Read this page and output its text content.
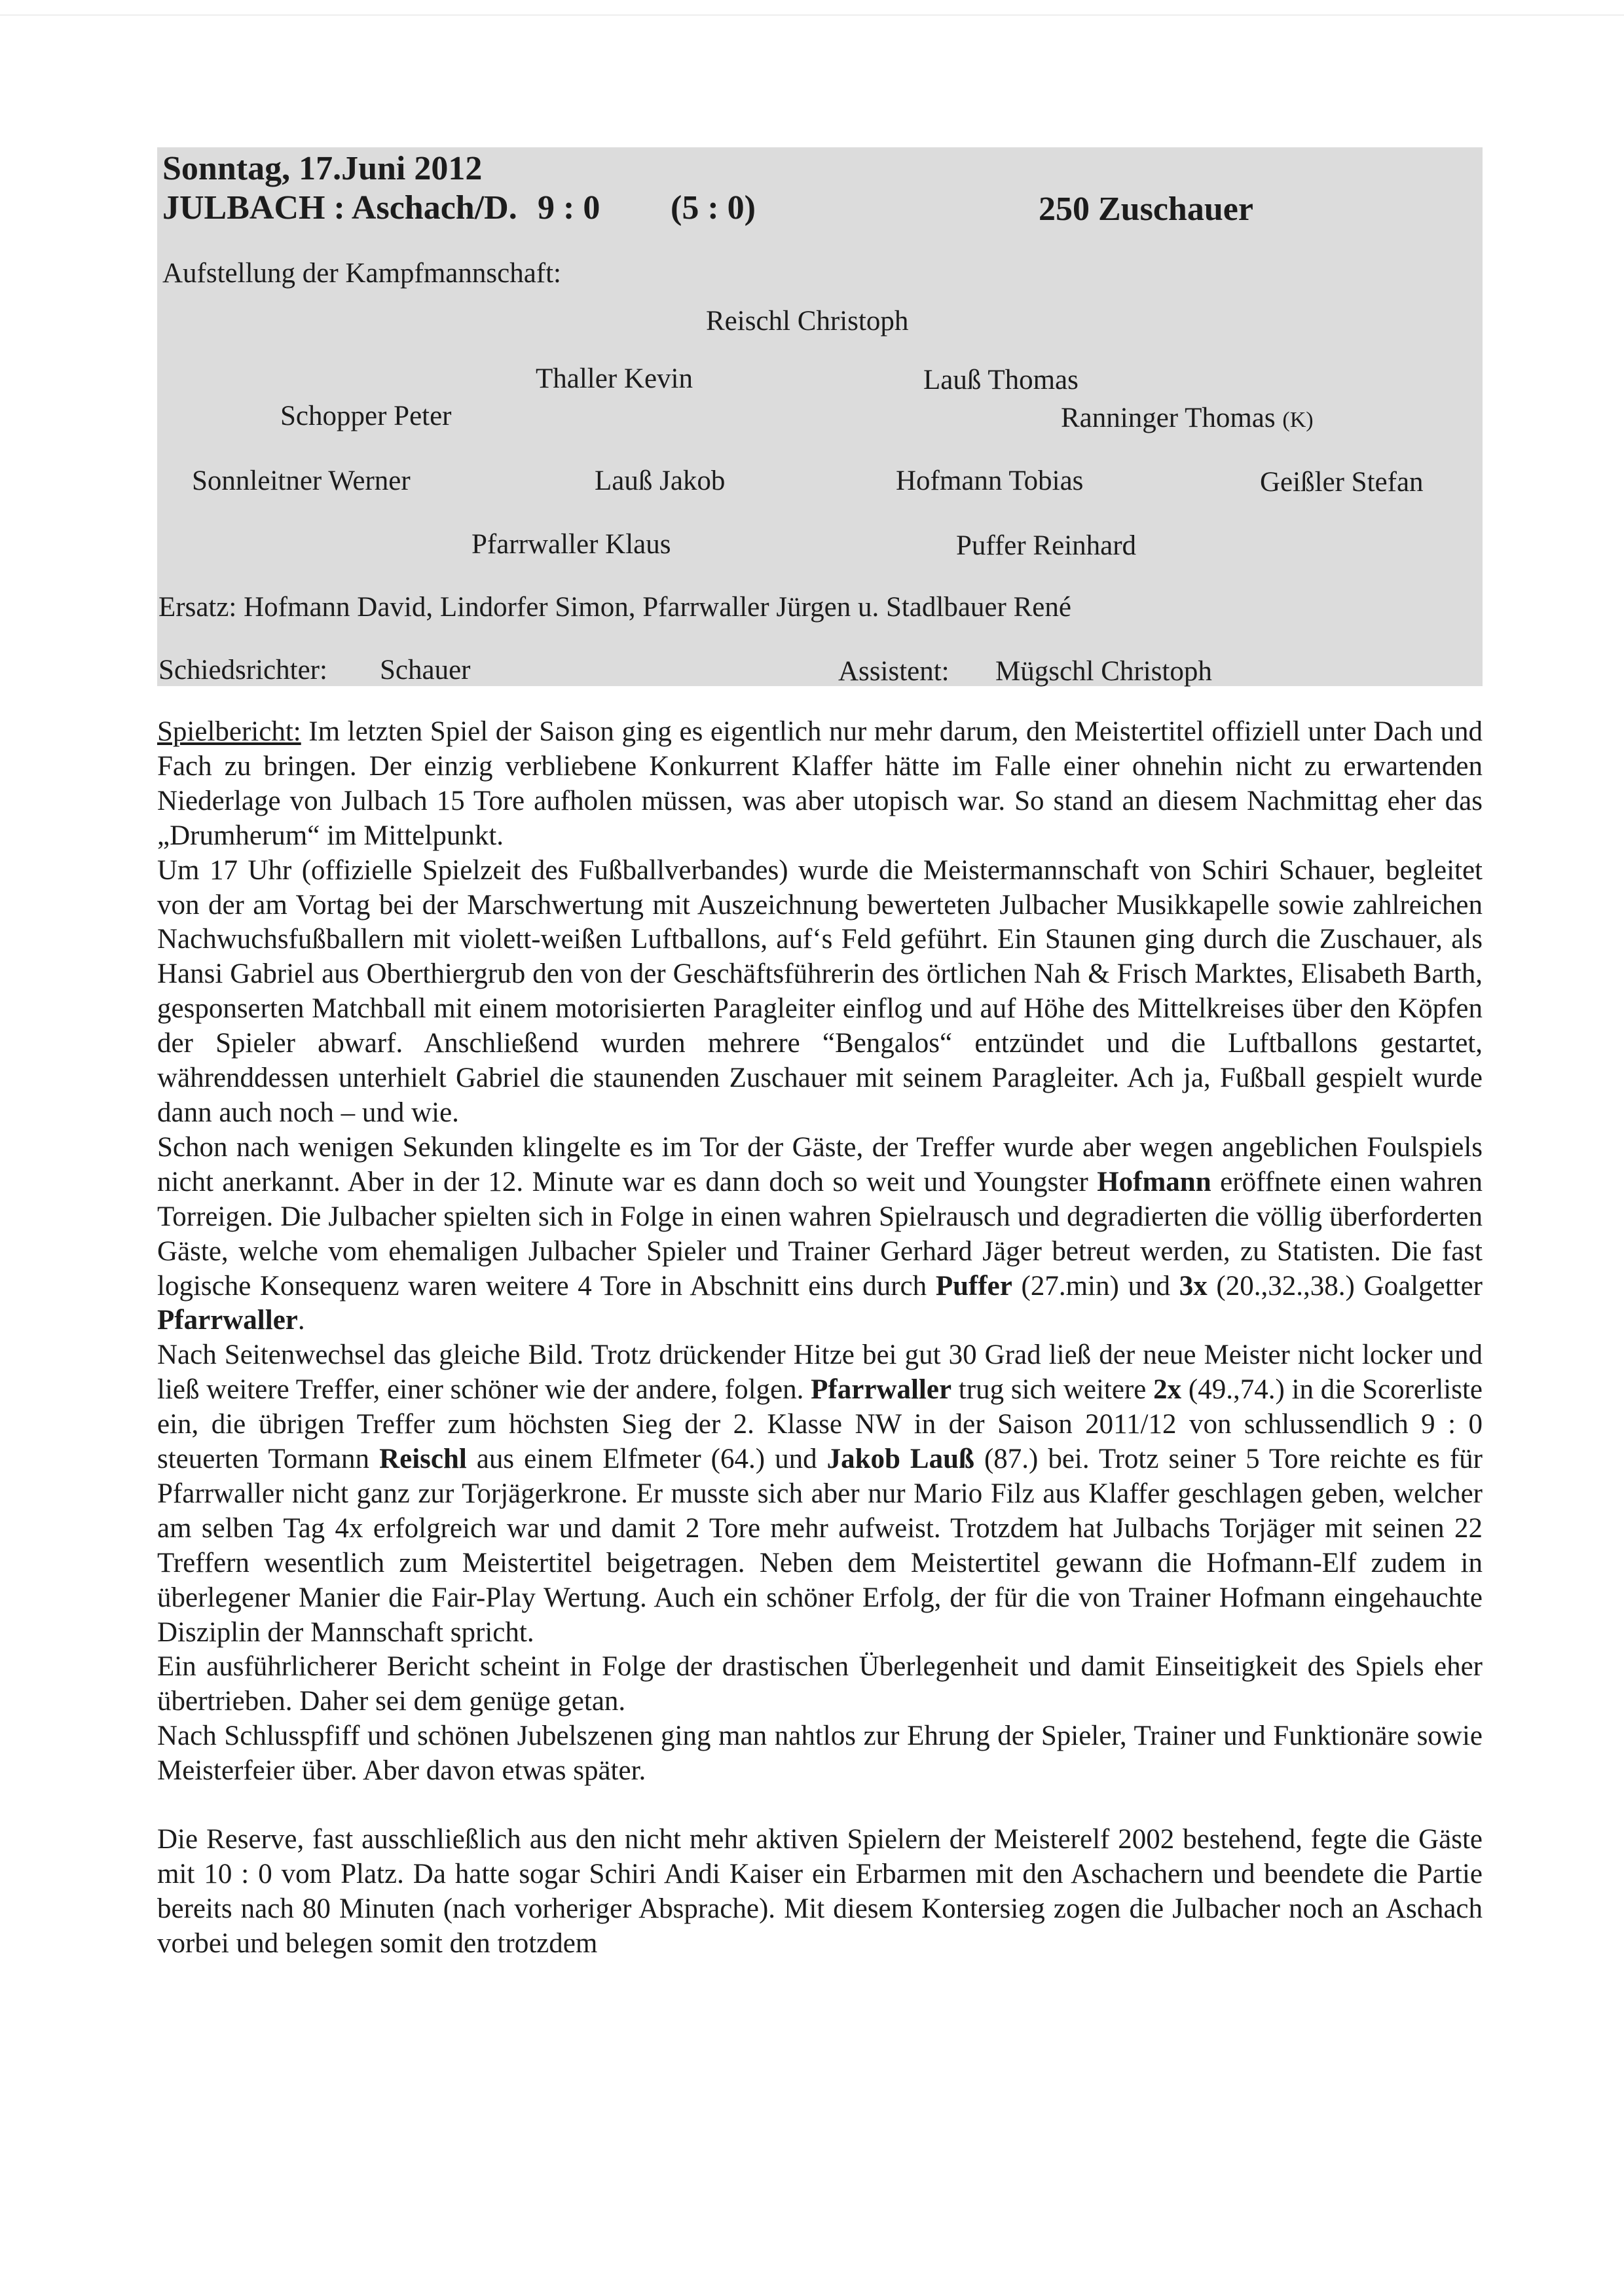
Sonntag, 17.Juni 2012
JULBACH : Aschach/D. 9 : 0 (5 : 0)	250 Zuschauer
Aufstellung der Kampfmannschaft:
Reischl Christoph
Thaller Kevin	Lauß Thomas
Schopper Peter	Ranninger Thomas (K)
Sonnleitner Werner	Lauß Jakob	Hofmann Tobias	Geißler Stefan
Pfarrwaller Klaus	Puffer Reinhard
Ersatz: Hofmann David, Lindorfer Simon, Pfarrwaller Jürgen u. Stadlbauer René
Schiedsrichter: Schauer	Assistent: Mügschl Christoph

Spielbericht: Im letzten Spiel der Saison ging es eigentlich nur mehr darum, den Meistertitel offiziell unter Dach und Fach zu bringen. Der einzig verbliebene Konkurrent Klaffer hätte im Falle einer ohnehin nicht zu erwartenden Niederlage von Julbach 15 Tore aufholen müssen, was aber utopisch war. So stand an diesem Nachmittag eher das „Drumherum“ im Mittelpunkt.

Um 17 Uhr (offizielle Spielzeit des Fußballverbandes) wurde die Meistermannschaft von Schiri Schauer, begleitet von der am Vortag bei der Marschwertung mit Auszeichnung bewerteten Julbacher Musikkapelle sowie zahlreichen Nachwuchsfußballern mit violett-weißen Luftballons, auf‘s Feld geführt. Ein Staunen ging durch die Zuschauer, als Hansi Gabriel aus Oberthiergrub den von der Geschäftsführerin des örtlichen Nah & Frisch Marktes, Elisabeth Barth, gesponserten Matchball mit einem motorisierten Paragleiter einflog und auf Höhe des Mittelkreises über den Köpfen der Spieler abwarf. Anschließend wurden mehrere “Bengalos“ entzündet und die Luftballons gestartet, währenddessen unterhielt Gabriel die staunenden Zuschauer mit seinem Paragleiter. Ach ja, Fußball gespielt wurde dann auch noch – und wie.

Schon nach wenigen Sekunden klingelte es im Tor der Gäste, der Treffer wurde aber wegen angeblichen Foulspiels nicht anerkannt. Aber in der 12. Minute war es dann doch so weit und Youngster Hofmann eröffnete einen wahren Torreigen. Die Julbacher spielten sich in Folge in einen wahren Spielrausch und degradierten die völlig überforderten Gäste, welche vom ehemaligen Julbacher Spieler und Trainer Gerhard Jäger betreut werden, zu Statisten. Die fast logische Konsequenz waren weitere 4 Tore in Abschnitt eins durch Puffer (27.min) und 3x (20.,32.,38.) Goalgetter Pfarrwaller.

Nach Seitenwechsel das gleiche Bild. Trotz drückender Hitze bei gut 30 Grad ließ der neue Meister nicht locker und ließ weitere Treffer, einer schöner wie der andere, folgen. Pfarrwaller trug sich weitere 2x (49.,74.) in die Scorerliste ein, die übrigen Treffer zum höchsten Sieg der 2. Klasse NW in der Saison 2011/12 von schlussendlich 9 : 0 steuerten Tormann Reischl aus einem Elfmeter (64.) und Jakob Lauß (87.) bei. Trotz seiner 5 Tore reichte es für Pfarrwaller nicht ganz zur Torjägerkrone. Er musste sich aber nur Mario Filz aus Klaffer geschlagen geben, welcher am selben Tag 4x erfolgreich war und damit 2 Tore mehr aufweist. Trotzdem hat Julbachs Torjäger mit seinen 22 Treffern wesentlich zum Meistertitel beigetragen. Neben dem Meistertitel gewann die Hofmann-Elf zudem in überlegener Manier die Fair-Play Wertung. Auch ein schöner Erfolg, der für die von Trainer Hofmann eingehauchte Disziplin der Mannschaft spricht.

Ein ausführlicherer Bericht scheint in Folge der drastischen Überlegenheit und damit Einseitigkeit des Spiels eher übertrieben. Daher sei dem genüge getan.

Nach Schlusspfiff und schönen Jubelszenen ging man nahtlos zur Ehrung der Spieler, Trainer und Funktionäre sowie Meisterfeier über. Aber davon etwas später.

Die Reserve, fast ausschließlich aus den nicht mehr aktiven Spielern der Meisterelf 2002 bestehend, fegte die Gäste mit 10 : 0 vom Platz. Da hatte sogar Schiri Andi Kaiser ein Erbarmen mit den Aschachern und beendete die Partie bereits nach 80 Minuten (nach vorheriger Absprache). Mit diesem Kontersieg zogen die Julbacher noch an Aschach vorbei und belegen somit den trotzdem
